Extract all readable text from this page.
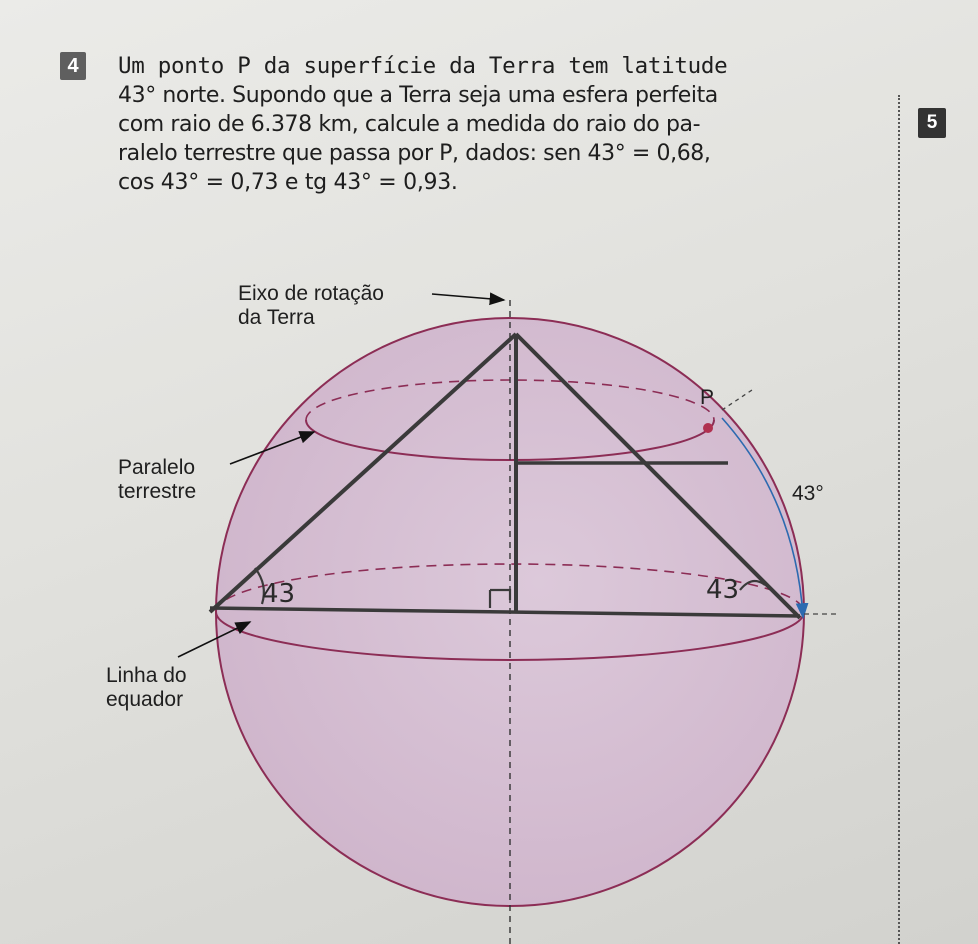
4
5
Um ponto P da superfície da Terra tem latitude
43° norte. Supondo que a Terra seja uma esfera perfeita
com raio de 6.378 km, calcule a medida do raio do pa-
ralelo terrestre que passa por P, dados: sen 43° = 0,68,
cos 43° = 0,73 e tg 43° = 0,93.
43	43
Eixo de rotação
da Terra
Paralelo
terrestre
Linha do
equador
P
43°
